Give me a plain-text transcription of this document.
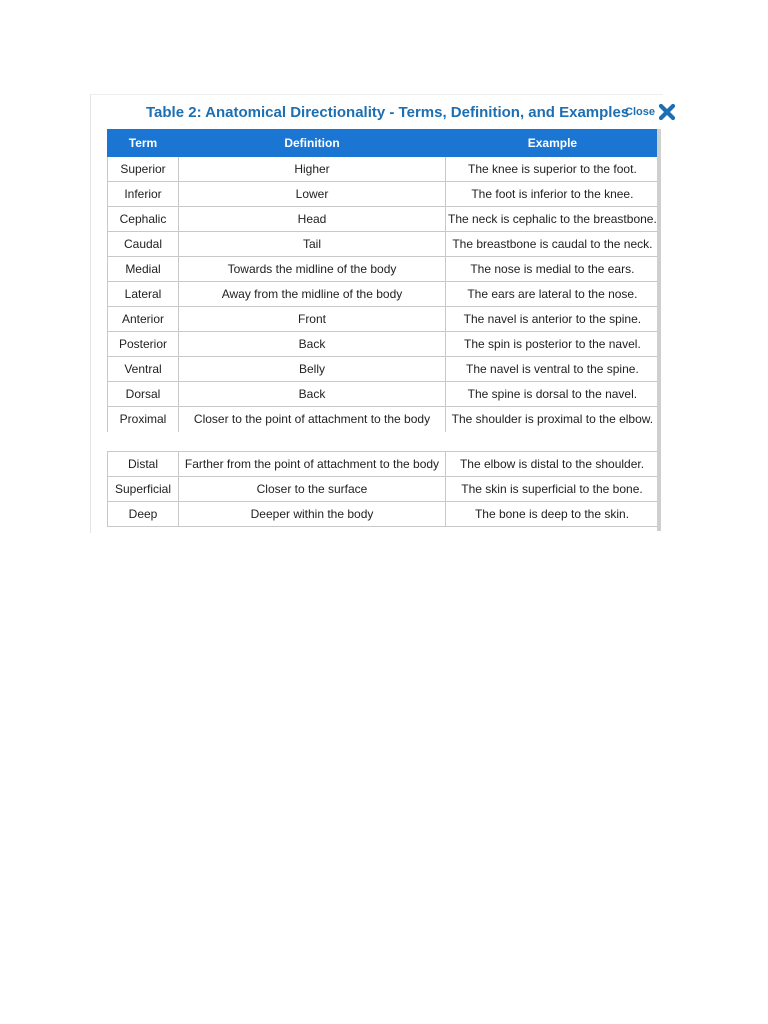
Table 2: Anatomical Directionality - Terms, Definition, and Examples
Close
Term	Definition	Example
Superior	Higher	The knee is superior to the foot.
Inferior	Lower	The foot is inferior to the knee.
Cephalic	Head	The neck is cephalic to the breastbone.
Caudal	Tail	The breastbone is caudal to the neck.
Medial	Towards the midline of the body	The nose is medial to the ears.
Lateral	Away from the midline of the body	The ears are lateral to the nose.
Anterior	Front	The navel is anterior to the spine.
Posterior	Back	The spin is posterior to the navel.
Ventral	Belly	The navel is ventral to the spine.
Dorsal	Back	The spine is dorsal to the navel.
Proximal	Closer to the point of attachment to the body	The shoulder is proximal to the elbow.
Distal	Farther from the point of attachment to the body	The elbow is distal to the shoulder.
Superficial	Closer to the surface	The skin is superficial to the bone.
Deep	Deeper within the body	The bone is deep to the skin.
